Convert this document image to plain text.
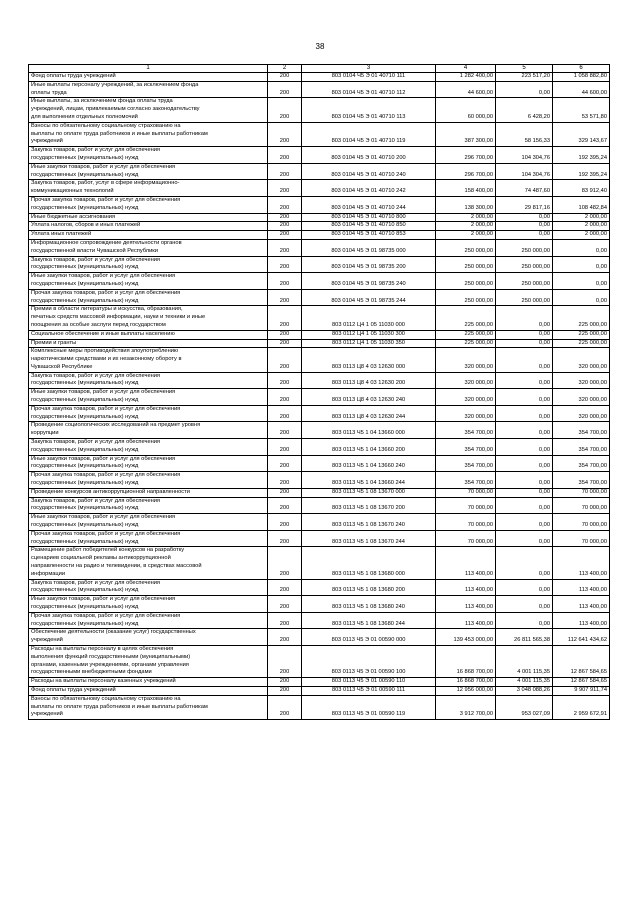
38
1	2	3	4	5	6
Фонд оплаты труда учреждений	200	803 0104 Ч5 Э 01 40710 111	1 282 400,00	223 517,20	1 058 882,80
Иные выплаты персоналу учреждений, за исключением фонда
оплаты труда	200	803 0104 Ч5 Э 01 40710 112	44 600,00	0,00	44 600,00
Иные выплаты, за исключением фонда оплаты труда
учреждений, лицам, привлекаемым согласно законодательству
для выполнения отдельных полномочий	200	803 0104 Ч5 Э 01 40710 113	60 000,00	6 428,20	53 571,80
Взносы по обязательному социальному страхованию на
выплаты по оплате труда работников и иные выплаты работникам
учреждений	200	803 0104 Ч5 Э 01 40710 119	387 300,00	58 156,33	329 143,67
Закупка товаров, работ и услуг для обеспечения
государственных (муниципальных) нужд	200	803 0104 Ч5 Э 01 40710 200	296 700,00	104 304,76	192 395,24
Иные закупки товаров, работ и услуг для обеспечения
государственных (муниципальных) нужд	200	803 0104 Ч5 Э 01 40710 240	296 700,00	104 304,76	192 395,24
Закупка товаров, работ, услуг в сфере информационно-
коммуникационных технологий	200	803 0104 Ч5 Э 01 40710 242	158 400,00	74 487,60	83 912,40
Прочая закупка товаров, работ и услуг для обеспечения
государственных (муниципальных) нужд	200	803 0104 Ч5 Э 01 40710 244	138 300,00	29 817,16	108 482,84
Иные бюджетные ассигнования	200	803 0104 Ч5 Э 01 40710 800	2 000,00	0,00	2 000,00
Уплата налогов, сборов и иных платежей	200	803 0104 Ч5 Э 01 40710 850	2 000,00	0,00	2 000,00
Уплата иных платежей	200	803 0104 Ч5 Э 01 40710 853	2 000,00	0,00	2 000,00
Информационное сопровождение деятельности органов
государственной власти Чувашской Республики	200	803 0104 Ч5 Э 01 98735 000	250 000,00	250 000,00	0,00
Закупка товаров, работ и услуг для обеспечения
государственных (муниципальных) нужд	200	803 0104 Ч5 Э 01 98735 200	250 000,00	250 000,00	0,00
Иные закупки товаров, работ и услуг для обеспечения
государственных (муниципальных) нужд	200	803 0104 Ч5 Э 01 98735 240	250 000,00	250 000,00	0,00
Прочая закупка товаров, работ и услуг для обеспечения
государственных (муниципальных) нужд	200	803 0104 Ч5 Э 01 98735 244	250 000,00	250 000,00	0,00
Премии в области литературы и искусства, образования,
печатных средств массовой информации, науки и техники и иные
поощрения за особые заслуги перед государством	200	803 0112 Ц4 1 05 11030 000	225 000,00	0,00	225 000,00
Социальное обеспечение и иные выплаты населению	200	803 0112 Ц4 1 05 11030 300	225 000,00	0,00	225 000,00
Премии и гранты	200	803 0112 Ц4 1 05 11030 350	225 000,00	0,00	225 000,00
Комплексные меры противодействия злоупотреблению
наркотическими средствами и их незаконному обороту в
Чувашской Республике	200	803 0113 Ц8 4 03 12630 000	320 000,00	0,00	320 000,00
Закупка товаров, работ и услуг для обеспечения
государственных (муниципальных) нужд	200	803 0113 Ц8 4 03 12630 200	320 000,00	0,00	320 000,00
Иные закупки товаров, работ и услуг для обеспечения
государственных (муниципальных) нужд	200	803 0113 Ц8 4 03 12630 240	320 000,00	0,00	320 000,00
Прочая закупка товаров, работ и услуг для обеспечения
государственных (муниципальных) нужд	200	803 0113 Ц8 4 03 12630 244	320 000,00	0,00	320 000,00
Проведение социологических исследований на предмет уровня
коррупции	200	803 0113 Ч5 1 04 13660 000	354 700,00	0,00	354 700,00
Закупка товаров, работ и услуг для обеспечения
государственных (муниципальных) нужд	200	803 0113 Ч5 1 04 13660 200	354 700,00	0,00	354 700,00
Иные закупки товаров, работ и услуг для обеспечения
государственных (муниципальных) нужд	200	803 0113 Ч5 1 04 13660 240	354 700,00	0,00	354 700,00
Прочая закупка товаров, работ и услуг для обеспечения
государственных (муниципальных) нужд	200	803 0113 Ч5 1 04 13660 244	354 700,00	0,00	354 700,00
Проведение конкурсов антикоррупционной направленности	200	803 0113 Ч5 1 08 13670 000	70 000,00	0,00	70 000,00
Закупка товаров, работ и услуг для обеспечения
государственных (муниципальных) нужд	200	803 0113 Ч5 1 08 13670 200	70 000,00	0,00	70 000,00
Иные закупки товаров, работ и услуг для обеспечения
государственных (муниципальных) нужд	200	803 0113 Ч5 1 08 13670 240	70 000,00	0,00	70 000,00
Прочая закупка товаров, работ и услуг для обеспечения
государственных (муниципальных) нужд	200	803 0113 Ч5 1 08 13670 244	70 000,00	0,00	70 000,00
Размещение работ победителей конкурсов на разработку
сценариев социальной рекламы антикоррупционной
направленности на радио и телевидении, в средствах массовой
информации	200	803 0113 Ч5 1 08 13680 000	113 400,00	0,00	113 400,00
Закупка товаров, работ и услуг для обеспечения
государственных (муниципальных) нужд	200	803 0113 Ч5 1 08 13680 200	113 400,00	0,00	113 400,00
Иные закупки товаров, работ и услуг для обеспечения
государственных (муниципальных) нужд	200	803 0113 Ч5 1 08 13680 240	113 400,00	0,00	113 400,00
Прочая закупка товаров, работ и услуг для обеспечения
государственных (муниципальных) нужд	200	803 0113 Ч5 1 08 13680 244	113 400,00	0,00	113 400,00
Обеспечение деятельности (оказание услуг) государственных
учреждений	200	803 0113 Ч5 Э 01 00590 000	139 453 000,00	26 811 565,38	112 641 434,62
Расходы на выплаты персоналу в целях обеспечения
выполнения функций государственными (муниципальными)
органами, казенными учреждениями, органами управления
государственными внебюджетными фондами	200	803 0113 Ч5 Э 01 00590 100	16 868 700,00	4 001 115,35	12 867 584,65
Расходы на выплаты персоналу казенных учреждений	200	803 0113 Ч5 Э 01 00590 110	16 868 700,00	4 001 115,35	12 867 584,65
Фонд оплаты труда учреждений	200	803 0113 Ч5 Э 01 00590 111	12 956 000,00	3 048 088,26	9 907 911,74
Взносы по обязательному социальному страхованию на
выплаты по оплате труда работников и иные выплаты работникам
учреждений	200	803 0113 Ч5 Э 01 00590 119	3 912 700,00	953 027,09	2 959 672,91
